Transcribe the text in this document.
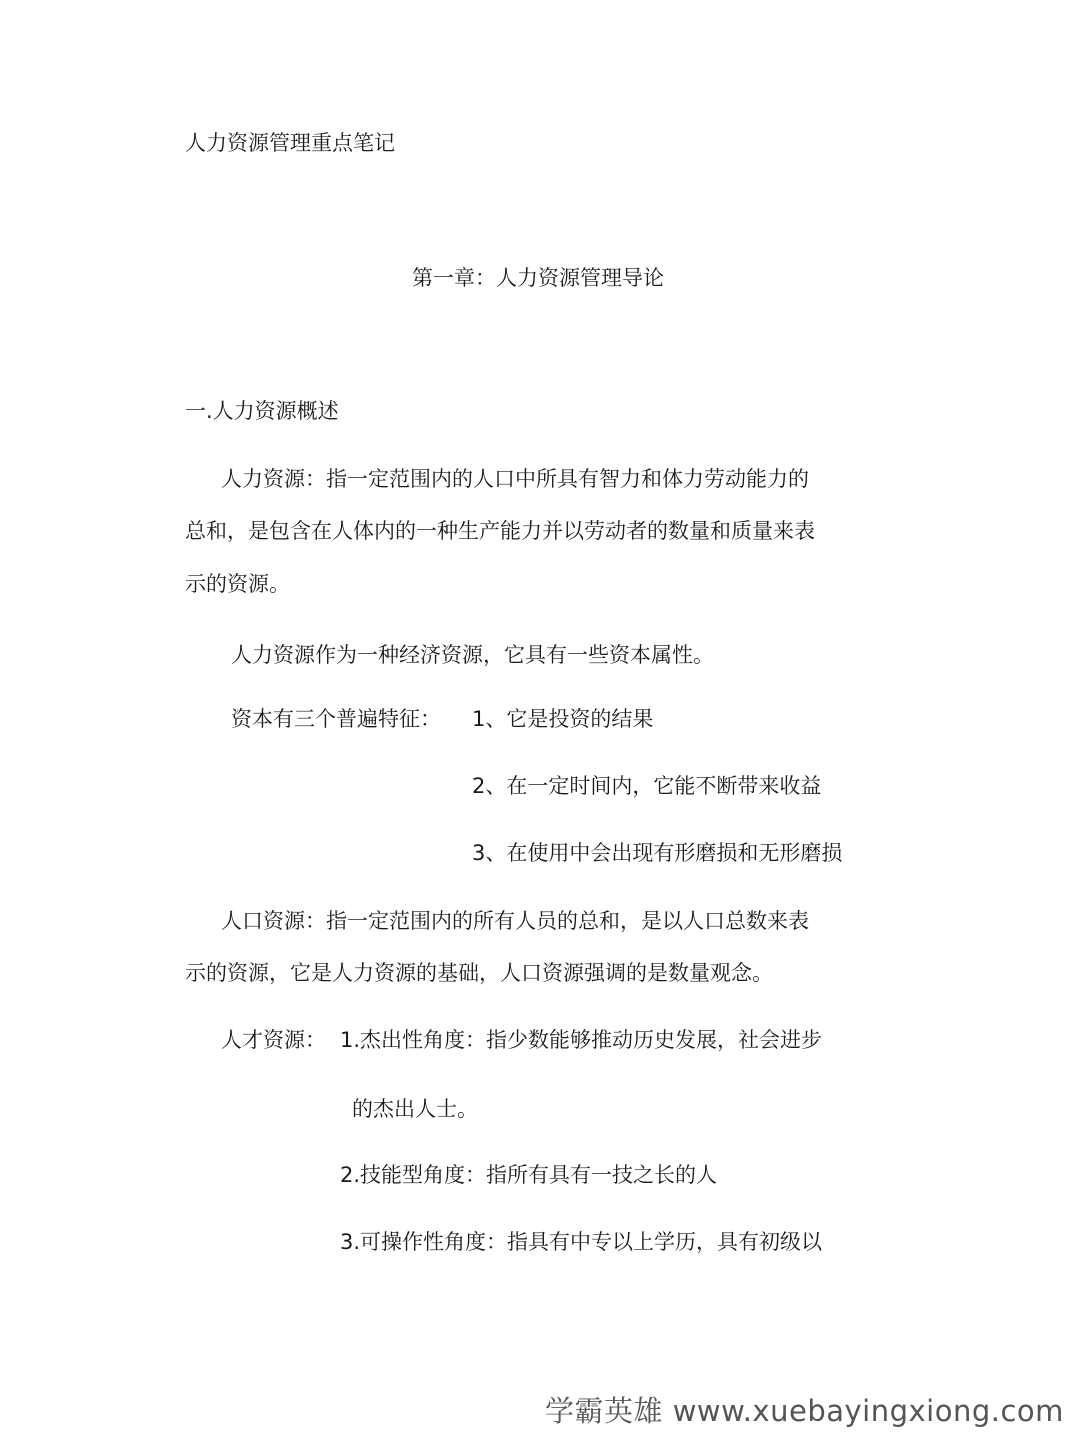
人力资源管理重点笔记
第一章：人力资源管理导论
一.人力资源概述
人力资源：指一定范围内的人口中所具有智力和体力劳动能力的
总和，是包含在人体内的一种生产能力并以劳动者的数量和质量来表
示的资源。
人力资源作为一种经济资源，它具有一些资本属性。
资本有三个普遍特征： 1、它是投资的结果
2、在一定时间内，它能不断带来收益
3、在使用中会出现有形磨损和无形磨损
人口资源：指一定范围内的所有人员的总和，是以人口总数来表
示的资源，它是人力资源的基础，人口资源强调的是数量观念。
人才资源： 1.杰出性角度：指少数能够推动历史发展，社会进步
的杰出人士。
2.技能型角度：指所有具有一技之长的人
3.可操作性角度：指具有中专以上学历，具有初级以
学霸英雄 www.xuebayingxiong.com
